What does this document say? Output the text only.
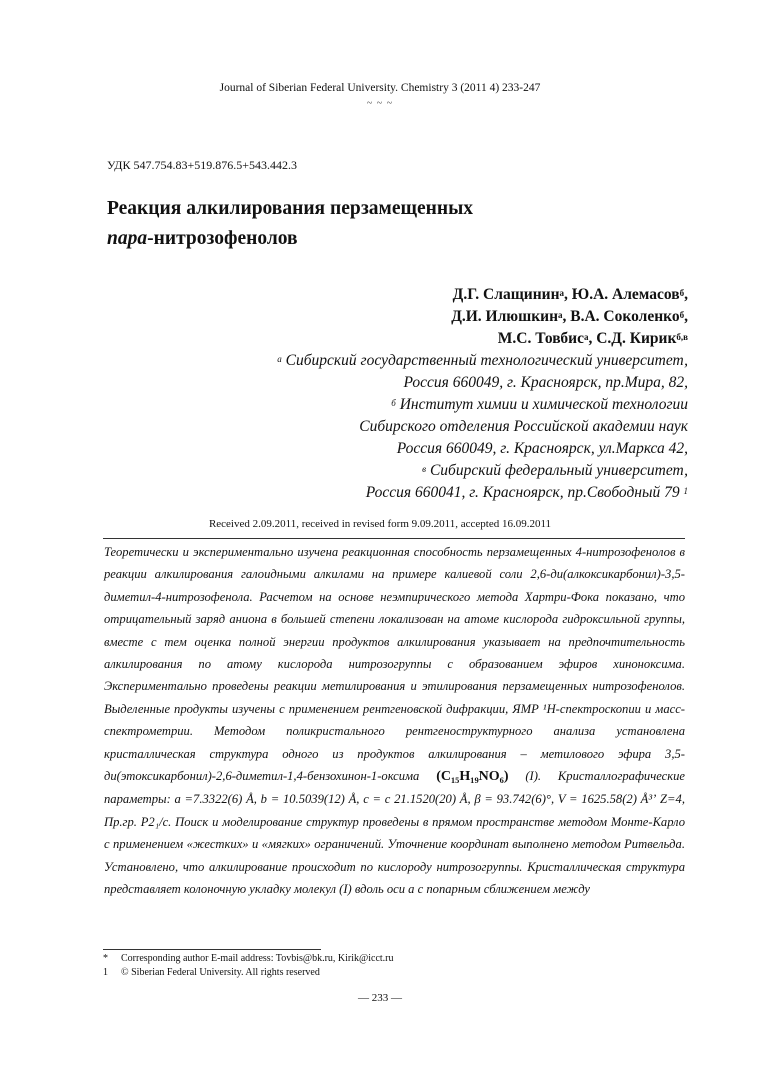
Journal of Siberian Federal University. Chemistry 3 (2011 4) 233-247
~ ~ ~
УДК 547.754.83+519.876.5+543.442.3
Реакция алкилирования перзамещенных
пара-нитрозофенолов
Д.Г. Слащинин$^а$, Ю.А. Алемасов$^б$,
Д.И. Илюшкин$^а$, В.А. Соколенко$^б$,
М.С. Товбис$^а$, С.Д. Кирик$^{б,в}$
$^а$ Сибирский государственный технологический университет,
Россия 660049, г. Красноярск, пр.Мира, 82,
$^б$ Институт химии и химической технологии
Сибирского отделения Российской академии наук
Россия 660049, г. Красноярск, ул.Маркса 42,
$^в$ Сибирский федеральный университет,
Россия 660041, г. Красноярск, пр.Свободный 79 $^1$
Received 2.09.2011, received in revised form 9.09.2011, accepted 16.09.2011
Теоретически и экспериментально изучена реакционная способность перзамещенных 4-нитрозофенолов в реакции алкилирования галоидными алкилами на примере калиевой соли 2,6-ди(алкоксикарбонил)-3,5-диметил-4-нитрозофенола. Расчетом на основе неэмпирического метода Хартри-Фока показано, что отрицательный заряд аниона в большей степени локализован на атоме кислорода гидроксильной группы, вместе с тем оценка полной энергии продуктов алкилирования указывает на предпочтительность алкилирования по атому кислорода нитрозогруппы с образованием эфиров хиноноксима. Экспериментально проведены реакции метилирования и этилирования перзамещенных нитрозофенолов. Выделенные продукты изучены с применением рентгеновской дифракции, ЯМР ¹H-спектроскопии и масс-спектрометрии. Методом поликристального рентгеноструктурного анализа установлена кристаллическая структура одного из продуктов алкилирования – метилового эфира 3,5-ди(этоксикарбонил)-2,6-диметил-1,4-бензохинон-1-оксима (C₁₅H₁₉NO₆) (I). Кристаллографические параметры: a =7.3322(6) Å, b = 10.5039(12) Å, c = c 21.1520(20) Å, β = 93.742(6)°, V = 1625.58(2) Å³ʼ Z=4, Пр.гр. P2₁/c. Поиск и моделирование структур проведены в прямом пространстве методом Монте-Карло с применением «жестких» и «мягких» ограничений. Уточнение координат выполнено методом Ритвельда. Установлено, что алкилирование происходит по кислороду нитрозогруппы. Кристаллическая структура представляет колоночную укладку молекул (I) вдоль оси a с попарным сближением между
*	Corresponding author E-mail address: Tovbis@bk.ru, Kirik@icct.ru
1	© Siberian Federal University. All rights reserved
— 233 —
